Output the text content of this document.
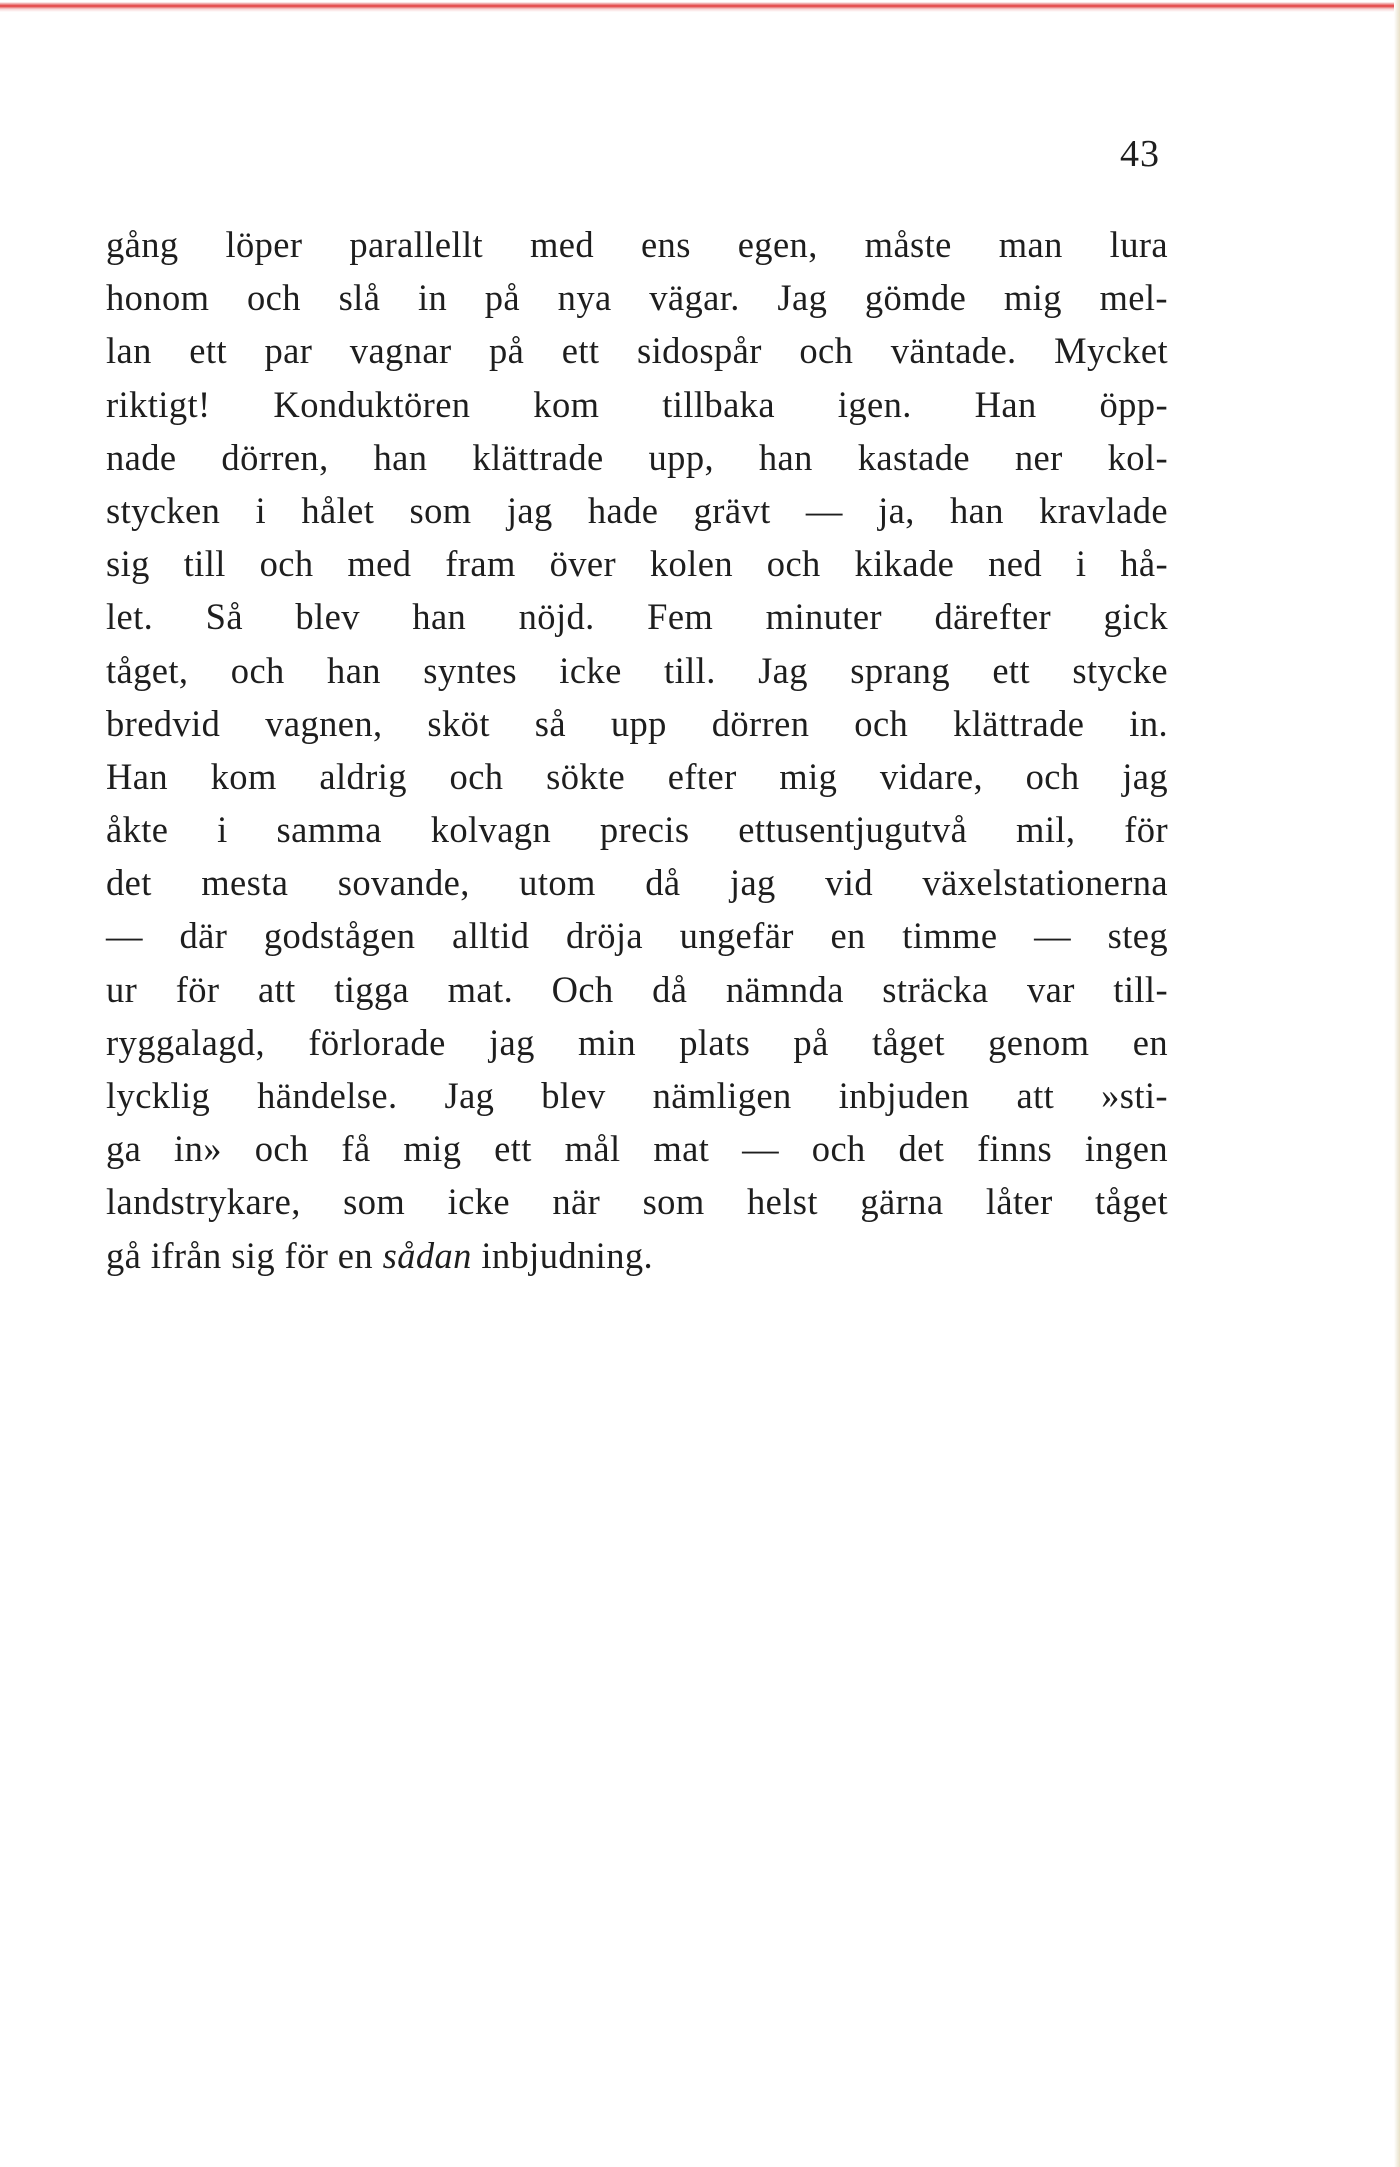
43
gång löper parallellt med ens egen, måste man lura
honom och slå in på nya vägar. Jag gömde mig mel-
lan ett par vagnar på ett sidospår och väntade. Mycket
riktigt! Konduktören kom tillbaka igen. Han öpp-
nade dörren, han klättrade upp, han kastade ner kol-
stycken i hålet som jag hade grävt — ja, han kravlade
sig till och med fram över kolen och kikade ned i hå-
let. Så blev han nöjd. Fem minuter därefter gick
tåget, och han syntes icke till. Jag sprang ett stycke
bredvid vagnen, sköt så upp dörren och klättrade in.
Han kom aldrig och sökte efter mig vidare, och jag
åkte i samma kolvagn precis ettusentjugutvå mil, för
det mesta sovande, utom då jag vid växelstationerna
— där godstågen alltid dröja ungefär en timme — steg
ur för att tigga mat. Och då nämnda sträcka var till-
ryggalagd, förlorade jag min plats på tåget genom en
lycklig händelse. Jag blev nämligen inbjuden att »sti-
ga in» och få mig ett mål mat — och det finns ingen
landstrykare, som icke när som helst gärna låter tåget
gå ifrån sig för en sådan inbjudning.
